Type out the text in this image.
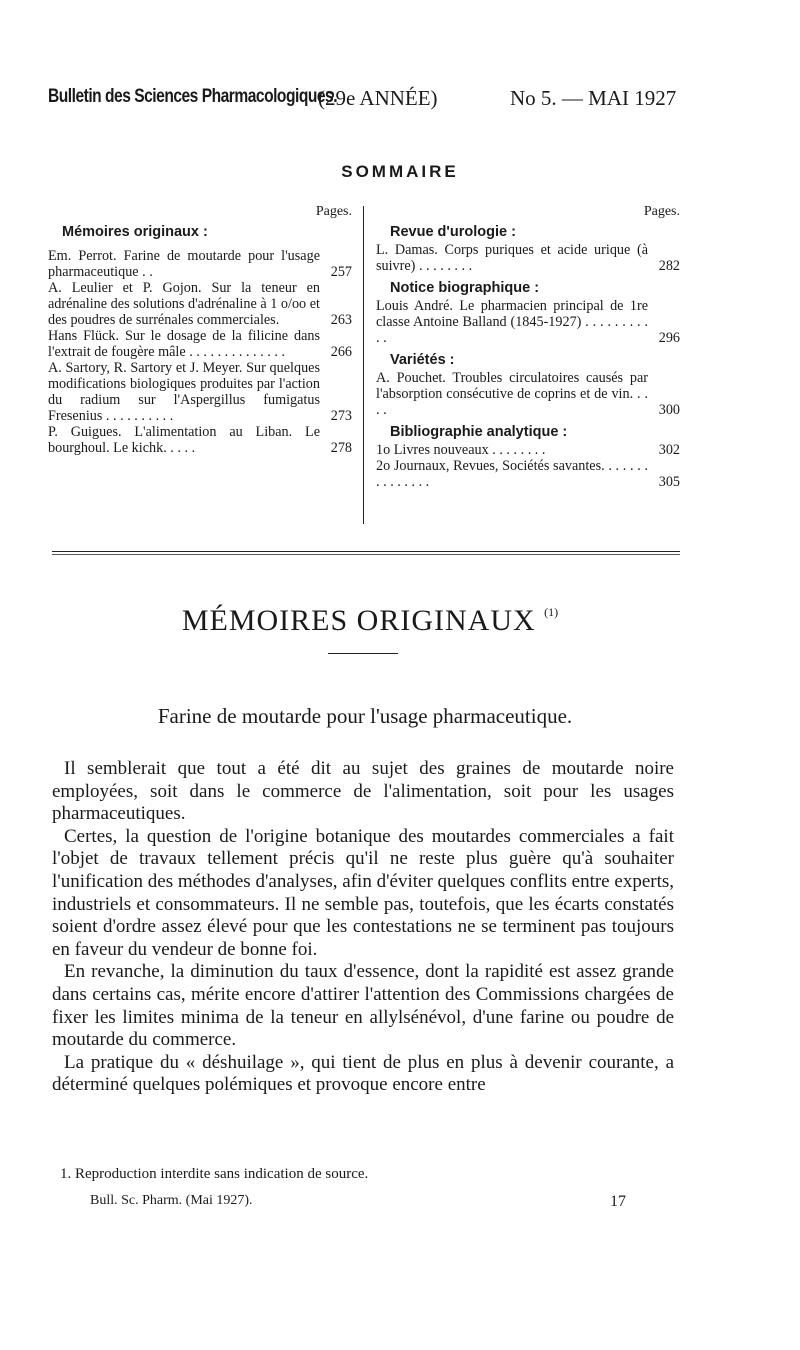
Bulletin des Sciences Pharmacologiques.
(29e ANNÉE)	No 5. — MAI 1927
SOMMAIRE
Pages.
Mémoires originaux :
Em. Perrot. Farine de moutarde pour l'usage pharmaceutique . .	257
A. Leulier et P. Gojon. Sur la teneur en adrénaline des solutions d'adrénaline à 1 o/oo et des poudres de surrénales commerciales.	263
Hans Flück. Sur le dosage de la filicine dans l'extrait de fougère mâle . . . . . . . . . . . . . .	266
A. Sartory, R. Sartory et J. Meyer. Sur quelques modifications biologiques produites par l'action du radium sur l'Aspergillus fumigatus Fresenius . . . . . . . . . .	273
P. Guigues. L'alimentation au Liban. Le bourghoul. Le kichk. . . . .	278
Pages.
Revue d'urologie :
L. Damas. Corps puriques et acide urique (à suivre) . . . . . . . .	282
Notice biographique :
Louis André. Le pharmacien principal de 1re classe Antoine Balland (1845-1927) . . . . . . . . . . .	296
Variétés :
A. Pouchet. Troubles circulatoires causés par l'absorption consécutive de coprins et de vin. . . . .	300
Bibliographie analytique :
1o Livres nouveaux . . . . . . . .	302
2o Journaux, Revues, Sociétés savantes. . . . . . . . . . . . . . .	305
MÉMOIRES ORIGINAUX $^{(1)}$
Farine de moutarde pour l'usage pharmaceutique.

Il semblerait que tout a été dit au sujet des graines de moutarde noire employées, soit dans le commerce de l'alimentation, soit pour les usages pharmaceutiques.

Certes, la question de l'origine botanique des moutardes commerciales a fait l'objet de travaux tellement précis qu'il ne reste plus guère qu'à souhaiter l'unification des méthodes d'analyses, afin d'éviter quelques conflits entre experts, industriels et consommateurs. Il ne semble pas, toutefois, que les écarts constatés soient d'ordre assez élevé pour que les contestations ne se terminent pas toujours en faveur du vendeur de bonne foi.

En revanche, la diminution du taux d'essence, dont la rapidité est assez grande dans certains cas, mérite encore d'attirer l'attention des Commissions chargées de fixer les limites minima de la teneur en allylsénévol, d'une farine ou poudre de moutarde du commerce.

La pratique du « déshuilage », qui tient de plus en plus à devenir courante, a déterminé quelques polémiques et provoque encore entre

1. Reproduction interdite sans indication de source.
Bull. Sc. Pharm. (Mai 1927).	17
